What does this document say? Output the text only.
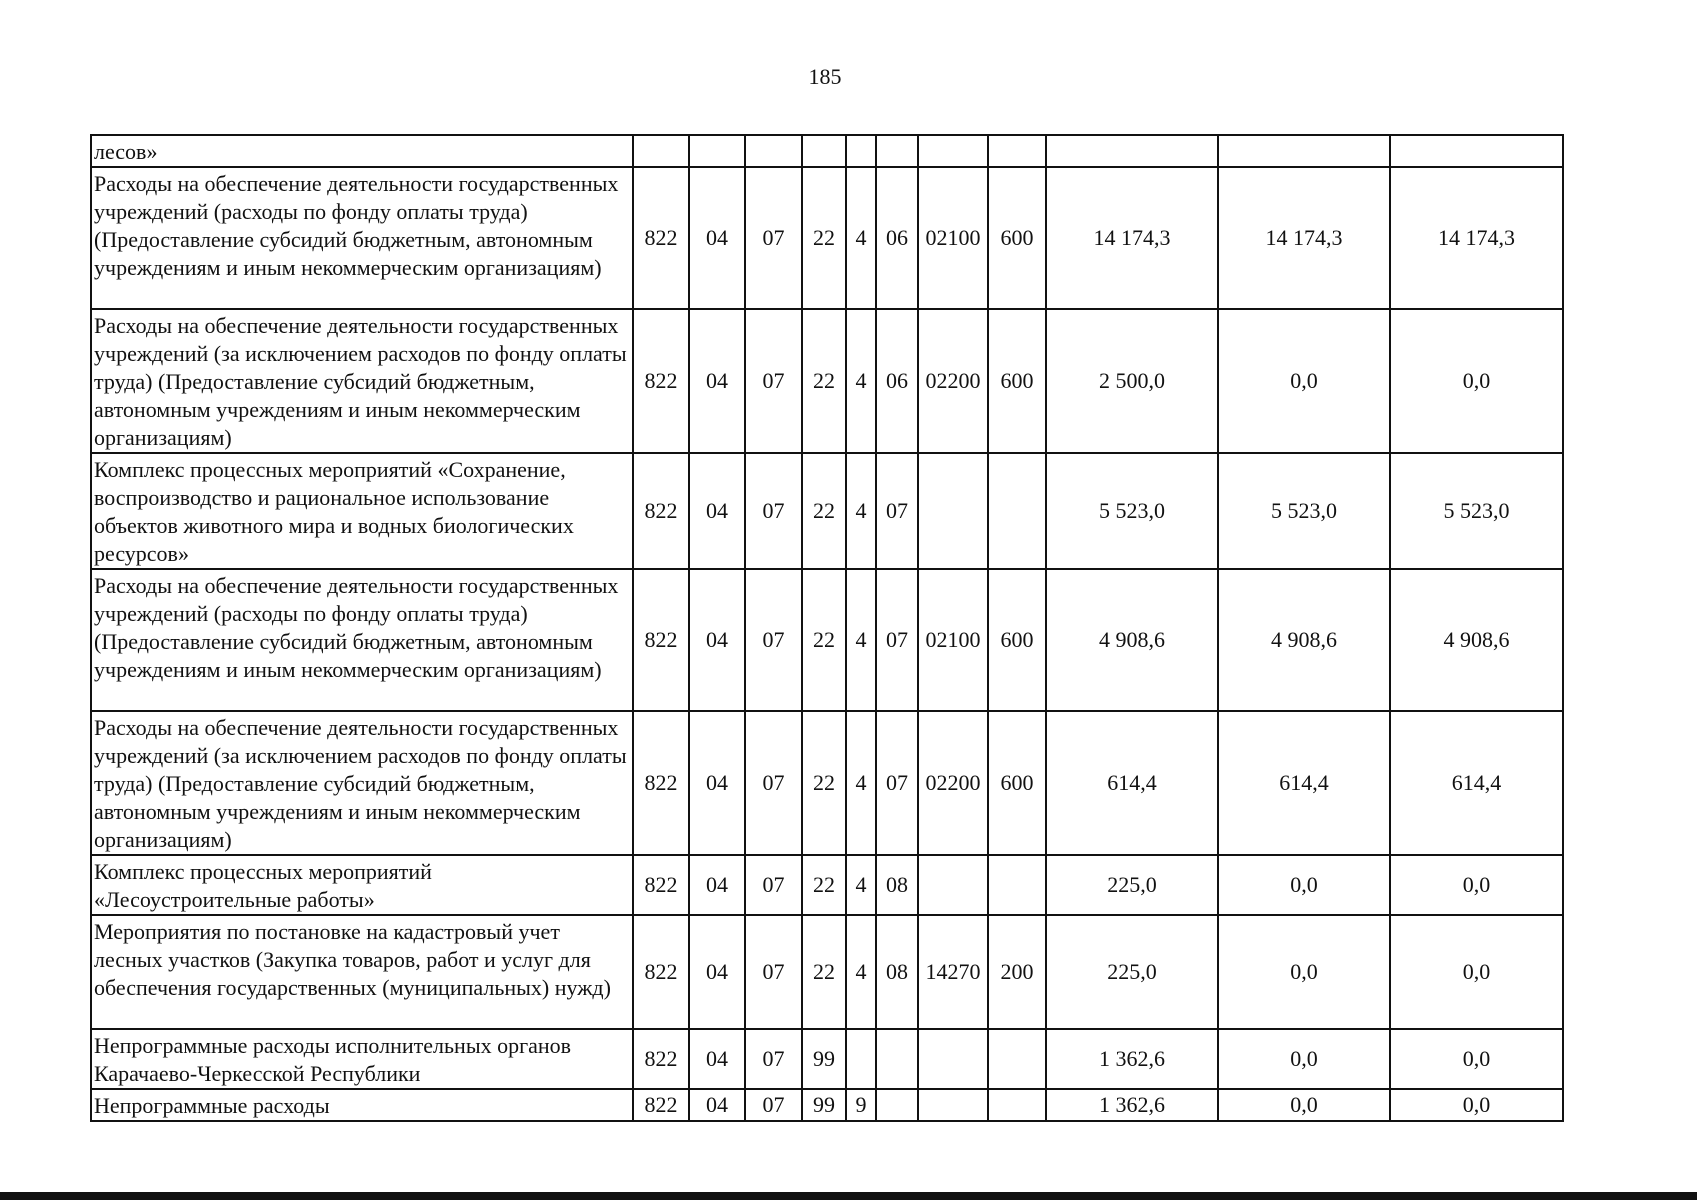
185
лесов»											
Расходы на обеспечение деятельности государственных учреждений (расходы по фонду оплаты труда) (Предоставление субсидий бюджетным, автономным учреждениям и иным некоммерческим организациям)	822	04	07	22	4	06	02100	600	14 174,3	14 174,3	14 174,3
Расходы на обеспечение деятельности государственных учреждений (за исключением расходов по фонду оплаты труда) (Предоставление субсидий бюджетным, автономным учреждениям и иным некоммерческим организациям)	822	04	07	22	4	06	02200	600	2 500,0	0,0	0,0
Комплекс процессных мероприятий «Сохранение, воспроизводство и рациональное использование объектов животного мира и водных биологических ресурсов»	822	04	07	22	4	07			5 523,0	5 523,0	5 523,0
Расходы на обеспечение деятельности государственных учреждений (расходы по фонду оплаты труда) (Предоставление субсидий бюджетным, автономным учреждениям и иным некоммерческим организациям)	822	04	07	22	4	07	02100	600	4 908,6	4 908,6	4 908,6
Расходы на обеспечение деятельности государственных учреждений (за исключением расходов по фонду оплаты труда) (Предоставление субсидий бюджетным, автономным учреждениям и иным некоммерческим организациям)	822	04	07	22	4	07	02200	600	614,4	614,4	614,4
Комплекс процессных мероприятий «Лесоустроительные работы»	822	04	07	22	4	08			225,0	0,0	0,0
Мероприятия по постановке на кадастровый учет лесных участков (Закупка товаров, работ и услуг для обеспечения государственных (муниципальных) нужд)	822	04	07	22	4	08	14270	200	225,0	0,0	0,0
Непрограммные расходы исполнительных органов Карачаево-Черкесской Республики	822	04	07	99					1 362,6	0,0	0,0
Непрограммные расходы	822	04	07	99	9				1 362,6	0,0	0,0
